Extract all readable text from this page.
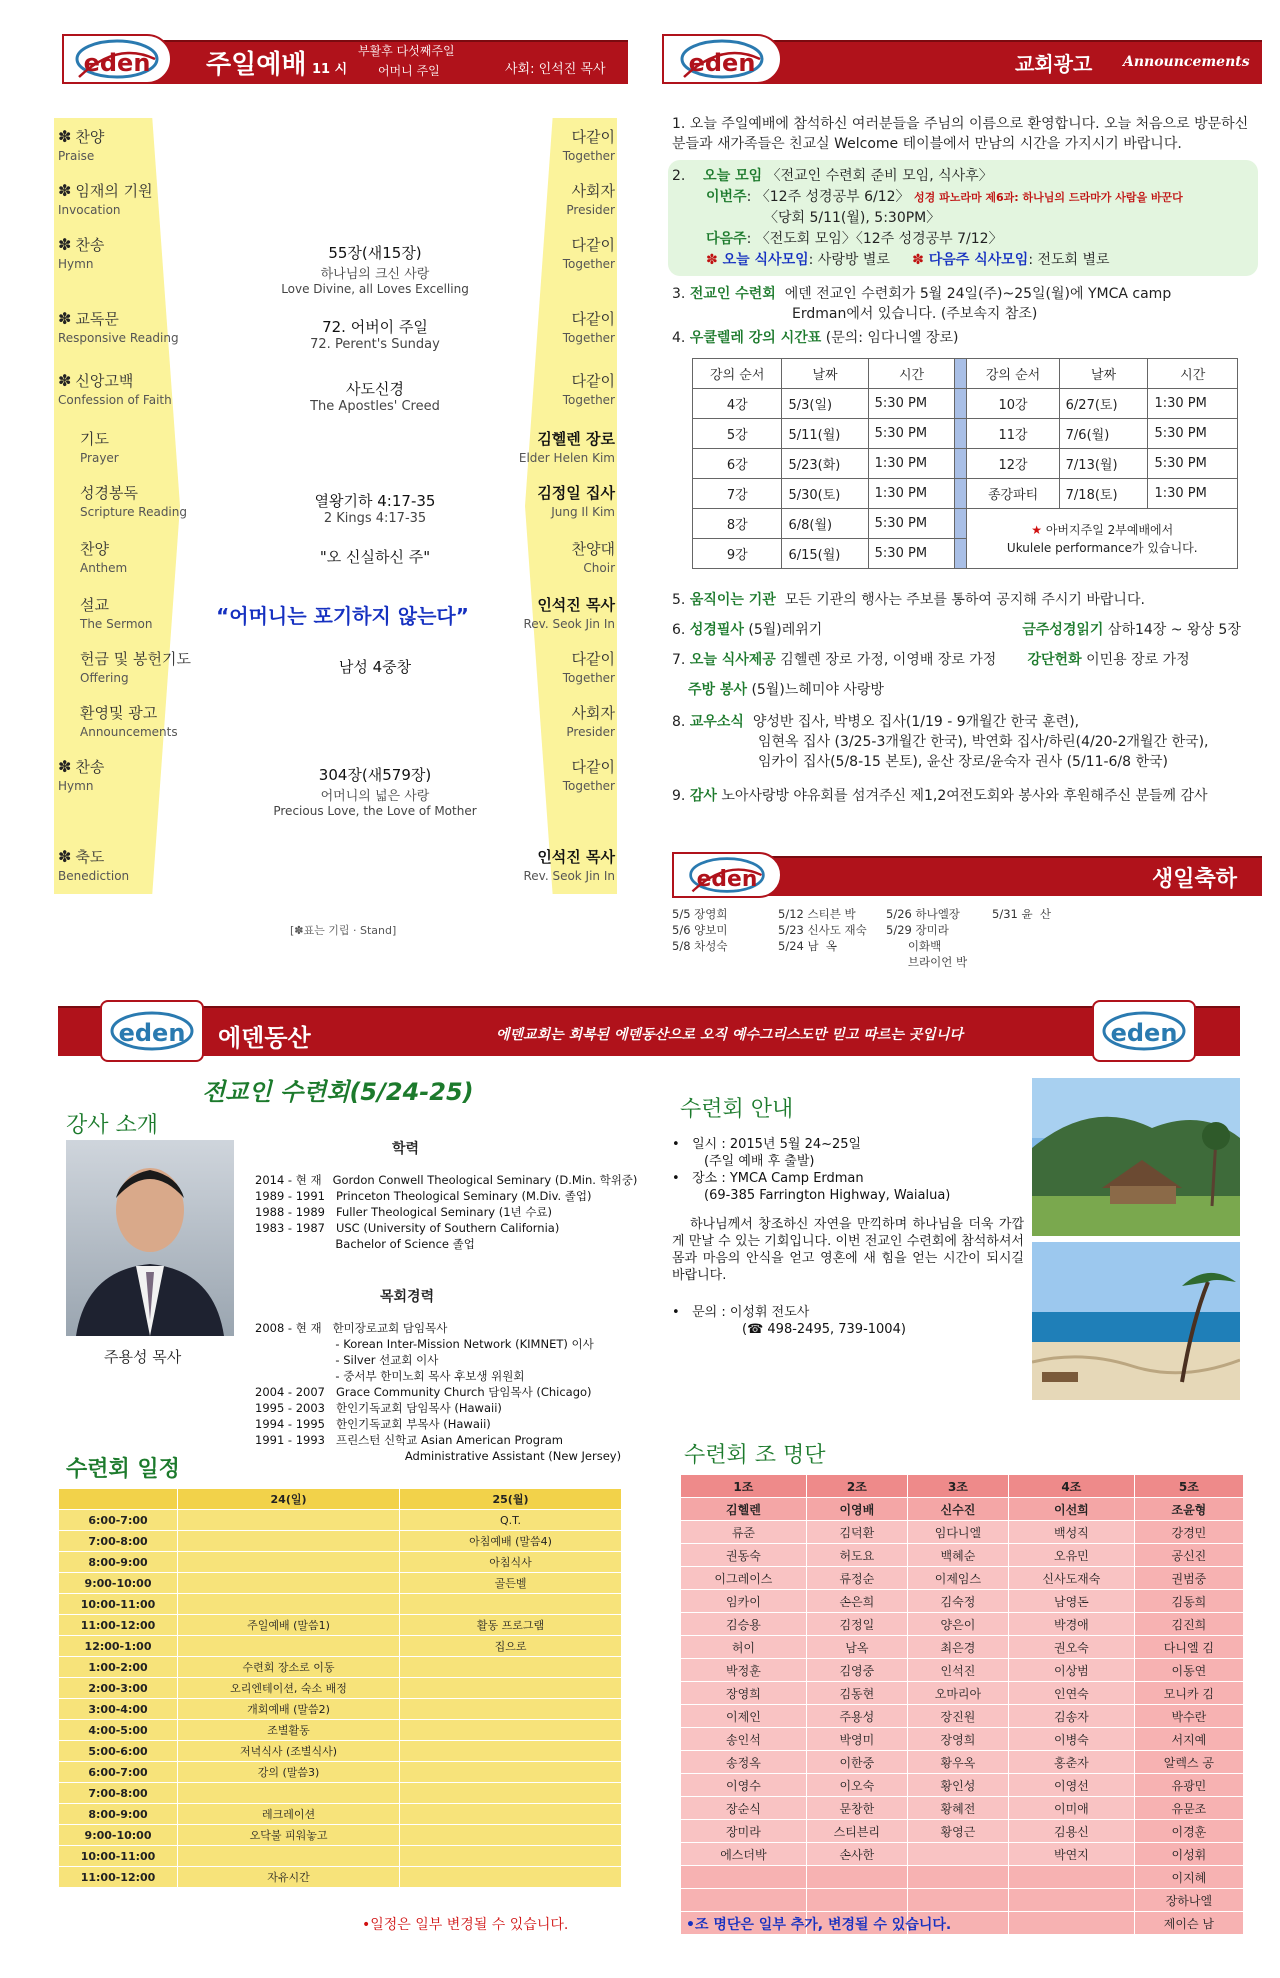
eden 주일예배 11 시
부활후 다섯째주일
어머니 주일	사회: 인석진 목사
✽ 찬양
Praise
다같이
Together
✽ 임재의 기원
Invocation
사회자
Presider
✽ 찬송
Hymn
55장(새15장)
하나님의 크신 사랑
Love Divine, all Loves Excelling
다같이
Together
✽ 교독문
Responsive Reading
72. 어버이 주일
72. Perent's Sunday
다같이
Together
✽ 신앙고백
Confession of Faith
사도신경
The Apostles' Creed
다같이
Together
기도
Prayer
김헬렌 장로
Elder Helen Kim
성경봉독
Scripture Reading
열왕기하 4:17-35
2 Kings 4:17-35
김정일 집사
Jung Il Kim
찬양
Anthem
"오 신실하신 주"	찬양대
Choir
설교
The Sermon
인석진 목사
Rev. Seok Jin In
헌금 및 봉헌기도
Offering
남성 4중창	다같이
Together
환영및 광고
Announcements
사회자
Presider
✽ 찬송
Hymn
304장(새579장)
어머니의 넓은 사랑
Precious Love, the Love of Mother
다같이
Together
✽ 축도
Benediction
인석진 목사
Rev. Seok Jin In
“어머니는 포기하지 않는다”
[✽표는 기립 · Stand]
eden	교회광고 Announcements
1. 오늘 주일예배에 참석하신 여러분들을 주님의 이름으로 환영합니다. 오늘 처음으로 방문하신 분들과 새가족들은 친교실 Welcome 테이블에서 만남의 시간을 가지시기 바랍니다.
2. 오늘 모임 〈전교인 수련회 준비 모임, 식사후〉
이번주: 〈12주 성경공부 6/12〉 성경 파노라마 제6과: 하나님의 드라마가 사람을 바꾼다
〈당회 5/11(월), 5:30PM〉
다음주: 〈전도회 모임〉〈12주 성경공부 7/12〉
✽ 오늘 식사모임: 사랑방 별로 ✽ 다음주 식사모임: 전도회 별로
3. 전교인 수련회 에덴 전교인 수련회가 5월 24일(주)~25일(월)에 YMCA camp
Erdman에서 있습니다. (주보속지 참조)
4. 우쿨렐레 강의 시간표 (문의: 임다니엘 장로)
강의 순서	날짜	시간		강의 순서	날짜	시간
4강	5/3(일)	5:30 PM		10강	6/27(토)	1:30 PM
5강	5/11(월)	5:30 PM		11강	7/6(월)	5:30 PM
6강	5/23(화)	1:30 PM		12강	7/13(월)	5:30 PM
7강	5/30(토)	1:30 PM		종강파티	7/18(토)	1:30 PM
8강	6/8(월)	5:30 PM		★ 아버지주일 2부예배에서
Ukulele performance가 있습니다.		

9강	6/15(월)	5:30 PM				
5. 움직이는 기관 모든 기관의 행사는 주보를 통하여 공지해 주시기 바랍니다.
6. 성경필사 (5월)레위기	금주성경읽기 삼하14장 ~ 왕상 5장
7. 오늘 식사제공 김헬렌 장로 가정, 이영배 장로 가정 강단헌화 이민용 장로 가정
주방 봉사 (5월)느헤미야 사랑방
8. 교우소식 양성반 집사, 박병오 집사(1/19 - 9개월간 한국 훈련),
임현옥 집사 (3/25-3개월간 한국), 박연화 집사/하린(4/20-2개월간 한국),
임카이 집사(5/8-15 본토), 윤산 장로/윤숙자 권사 (5/11-6/8 한국)
9. 감사 노아사랑방 야유회를 섬겨주신 제1,2여전도회와 봉사와 후원해주신 분들께 감사
eden	생일축하
5/5 장영희
5/6 양보미
5/8 차성숙
5/12 스티븐 박
5/23 신사도 재숙
5/24 남  옥
5/26 하나엘장
5/29 장미라
이화백
브라이언 박
5/31 윤  산
eden	eden
에덴동산	에덴교회는 회복된 에덴동산으로 오직 예수그리스도만 믿고 따르는 곳입니다
전교인 수련회(5/24-25)
강사 소개
주용성 목사
학력
2014 - 현 재   Gordon Conwell Theological Seminary (D.Min. 학위중)
1989 - 1991   Princeton Theological Seminary (M.Div. 졸업)
1988 - 1989   Fuller Theological Seminary (1년 수료)
1983 - 1987   USC (University of Southern California)
Bachelor of Science 졸업
목회경력
2008 - 현 재   한미장로교회 담임목사
- Korean Inter-Mission Network (KIMNET) 이사
- Silver 선교회 이사
- 중서부 한미노회 목사 후보생 위원회
2004 - 2007   Grace Community Church 담임목사 (Chicago)
1995 - 2003   한인기독교회 담임목사 (Hawaii)
1994 - 1995   한인기독교회 부목사 (Hawaii)
1991 - 1993   프린스턴 신학교 Asian American Program
Administrative Assistant (New Jersey)
수련회 안내
•   일시 : 2015년 5월 24~25일
(주일 예배 후 출발)
•   장소 : YMCA Camp Erdman
(69-385 Farrington Highway, Waialua)
하나님께서 창조하신 자연을 만끽하며 하나님을 더욱 가깝게 만날 수 있는 기회입니다. 이번 전교인 수련회에 참석하셔서 몸과 마음의 안식을 얻고 영혼에 새 힘을 얻는 시간이 되시길 바랍니다.
•   문의 : 이성휘 전도사
(☎ 498-2495, 739-1004)
수련회 일정
	24(일)	25(월)
6:00-7:00		Q.T.
7:00-8:00		아침예배 (말씀4)
8:00-9:00		아침식사
9:00-10:00		골든벨
10:00-11:00		
11:00-12:00	주일예배 (말씀1)	활동 프로그램
12:00-1:00		집으로
1:00-2:00	수련회 장소로 이동	
2:00-3:00	오리엔테이션, 숙소 배정	
3:00-4:00	개회예배 (말씀2)	
4:00-5:00	조별활동	
5:00-6:00	저녁식사 (조별식사)	
6:00-7:00	강의 (말씀3)	
7:00-8:00		
8:00-9:00	레크레이션	
9:00-10:00	오닥불 피워놓고	
10:00-11:00		
11:00-12:00	자유시간	
•일정은 일부 변경될 수 있습니다.
수련회 조 명단
1조	2조	3조	4조	5조
김헬렌	이영배	신수진	이선희	조윤형
류준	김덕환	임다니엘	백성직	강경민
권동숙	허도요	백혜순	오유민	공신진
이그레이스	류정순	이제임스	신사도재숙	권범중
임카이	손은희	김숙정	남영돈	김동희
김승용	김정일	양은이	박경애	김진희
허이	남옥	최은경	권오숙	다니엘 김
박정훈	김영중	인석진	이상범	이동연
장영희	김동현	오마리아	인연숙	모니카 김
이제인	주용성	장진원	김송자	박수란
송인석	박영미	장영희	이병숙	서지예
송정옥	이한중	황우옥	홍춘자	알렉스 공
이영수	이오숙	황인성	이영선	유광민
장순식	문창한	황혜전	이미애	유문조
장미라	스티븐리	황영근	김용신	이경훈
에스더박	손사한		박연지	이성휘
				이지혜
				장하나엘
				제이슨 남
•조 명단은 일부 추가, 변경될 수 있습니다.
